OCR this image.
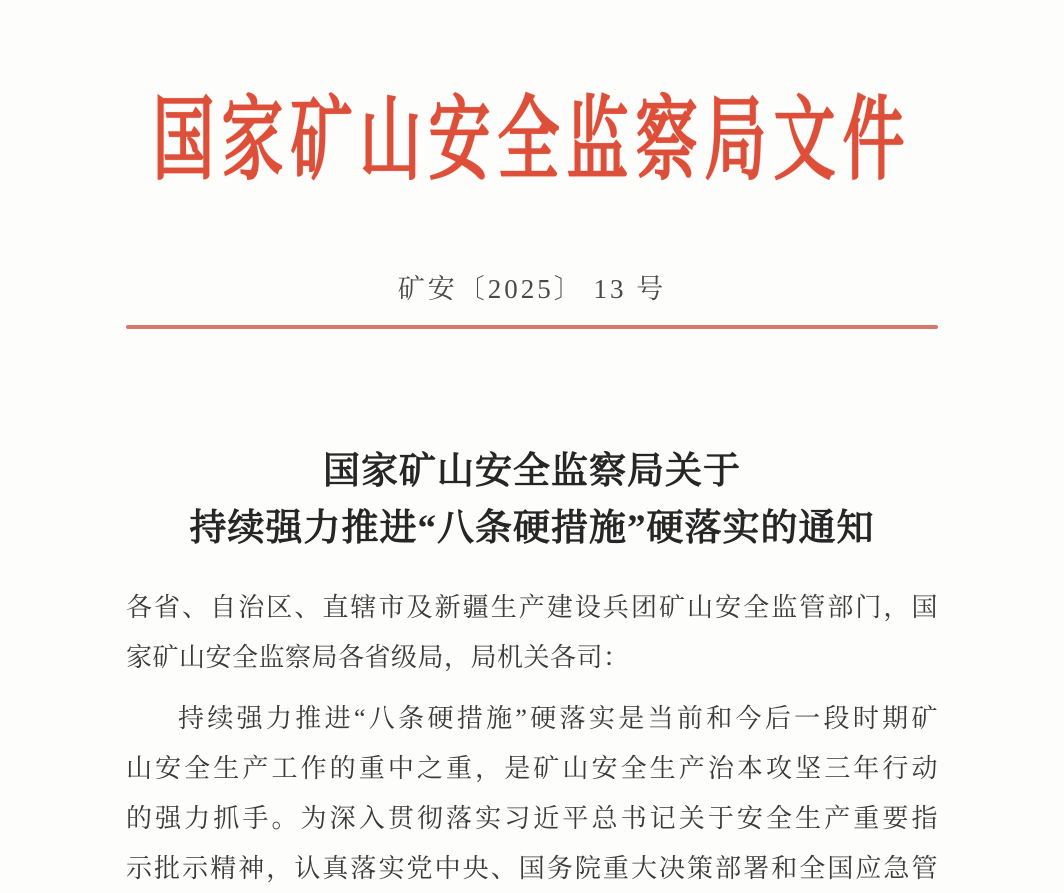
国家矿山安全监察局文件
矿安〔2025〕 13 号
国家矿山安全监察局关于
持续强力推进“八条硬措施”硬落实的通知
各省、自治区、直辖市及新疆生产建设兵团矿山安全监管部门，国
家矿山安全监察局各省级局，局机关各司：
持续强力推进“八条硬措施”硬落实是当前和今后一段时期矿
山安全生产工作的重中之重，是矿山安全生产治本攻坚三年行动
的强力抓手。为深入贯彻落实习近平总书记关于安全生产重要指
示批示精神，认真落实党中央、国务院重大决策部署和全国应急管
